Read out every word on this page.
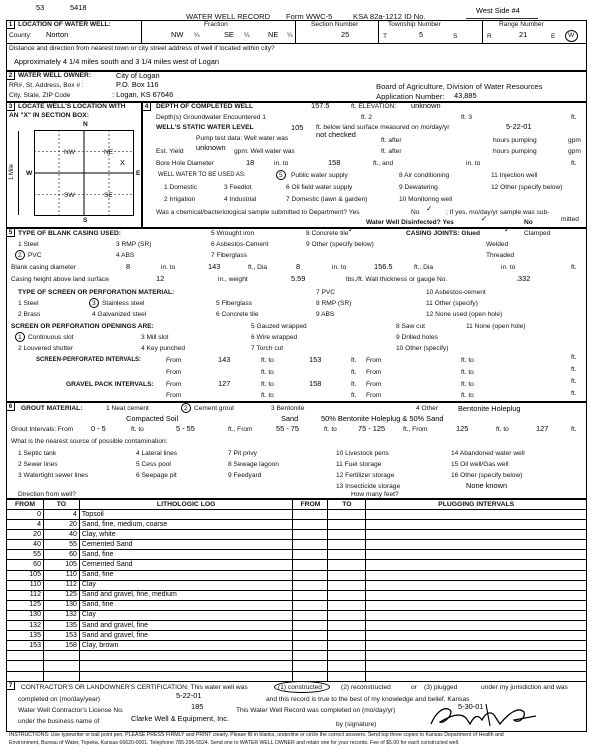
53	5418
WATER WELL RECORD Form WWC-5	KSA 82a-1212 ID No.
West Side #4
1 LOCATION OF WATER WELL:
County: Norton
Fraction
NW ¼	SE ¼	NE ¼
Section Number
25
Township Number
T	5	S
Range Number
R	21	E W
Distance and direction from nearest town or city street address of well if located within city?
Approximately 4 1/4 miles south and 3 1/4 miles west of Logan
2 WATER WELL OWNER:	City of Logan
RR#, St. Address, Box # :	P.O. Box 116
City, State, ZIP Code	: Logan, KS 67646
Board of Agriculture, Division of Water Resources
Application Number: 43,885
3 LOCATE WELL'S LOCATION WITH
AN "X" IN SECTION BOX:
N
S
W	E
1 Mile
NW	NE
SW	SE
X
4	DEPTH OF COMPLETED WELL	157.5	ft. ELEVATION: unknown
Depth(s) Groundwater Encountered 1	ft. 2	ft. 3	ft.
WELL'S STATIC WATER LEVEL	105 ft. below land surface measured on mo/day/yr	5-22-01
Pump test data: Well water was	not checked
ft. after	hours pumping	gpm
Est. Yield unknown gpm: Well water was	ft. after	hours pumping	gpm
Bore Hole Diameter	18	in. to	158	ft., and	in. to	ft.
WELL WATER TO BE USED AS:	5 Public water supply	8 Air conditioning	11 Injection well
1 Domestic	3 Feedlot	6 Oil field water supply	9 Dewatering	12 Other (specify below)
2 Irrigation	4 Industrial	7 Domestic (lawn & garden)	10 Monitoring well
Was a chemical/bacteriological sample submitted to Department? Yes	No ✓ ; If yes, mo/day/yr sample was sub-
mitted
Water Well Disinfected? Yes	✓	No
5 TYPE OF BLANK CASING USED:	5 Wrought iron	8 Concrete tile ✓	CASING JOINTS: Glued	✓ Clamped
1 Steel	3 RMP (SR)	6 Asbestos-Cement	9 Other (specify below)	Welded
2 PVC	4 ABS	7 Fiberglass	Threaded
Blank casing diameter	8	in. to	143	ft., Dia	8	in. to	156.5	ft., Dia	in. to	ft.
Casing height above land surface	12	in., weight	5.59	lbs./ft. Wall thickness or gauge No.	.332
TYPE OF SCREEN OR PERFORATION MATERIAL:	7 PVC	10 Asbestos-cement
1 Steel	3 Stainless steel	5 Fiberglass	8 RMP (SR)	11 Other (specify)
2 Brass	4 Galvanized steel	6 Concrete tile	9 ABS	12 None used (open hole)
SCREEN OR PERFORATION OPENINGS ARE:	5 Gauzed wrapped	8 Saw cut	11 None (open hole)
1 Continuous slot	3 Mill slot	6 Wire wrapped	9 Drilled holes
2 Louvered shutter	4 Key punched	7 Torch cut	10 Other (specify)
SCREEN-PERFORATED INTERVALS:	From	143	ft. to	153	ft. From	ft. to	ft.
From	ft. to	ft. From	ft. to	ft.
GRAVEL PACK INTERVALS: From	127	ft. to	158	ft. From	ft. to	ft.
From	ft. to	ft. From	ft. to	ft.
6	GROUT MATERIAL:	1 Neat cement	2 Cement grout	3 Bentonite	4 Other	Bentonite Holeplug
Compacted Soil	Sand	50% Bentonite Holeplug & 50% Sand
Grout Intervals: From 0 - 5	ft. to	5 - 55	ft., From	55 - 75	ft. to	75 - 125	ft., From	125	ft. to	127	ft.
What is the nearest source of possible contamination:
1 Septic tank	4 Lateral lines	7 Pit privy	10 Livestock pens	14 Abandoned water well
2 Sewer lines	5 Cess pool	8 Sewage lagoon	11 Fuel storage	15 Oil well/Gas well
3 Watertight sewer lines	6 Seepage pit	9 Feedyard	12 Fertilizer storage	16 Other (specify below)
13 Insecticide storage	None known
Direction from well?	How many feet?
FROM	TO	LITHOLOGIC LOG	FROM	TO	PLUGGING INTERVALS
0	4	Topsoil			
4	20	Sand, fine, medium, coarse			
20	40	Clay, white			
40	55	Cemented Sand			
55	60	Sand, fine			
60	105	Cemented Sand			
105	110	Sand, fine			
110	112	Clay			
112	125	Sand and gravel, fine, medium			
125	130	Sand, fine			
130	132	Clay			
132	135	Sand and gravel, fine			
135	153	Sand and gravel, fine			
153	158	Clay, brown			

7	CONTRACTOR'S OR LANDOWNER'S CERTIFICATION: This water well was	(1) constructed	(2) reconstructed	or (3) plugged	under my jurisdiction and was
completed on (mo/day/year)	5-22-01	and this record is true to the best of my knowledge and belief. Kansas
Water Well Contractor's License No.	185	This Water Well Record was completed on (mo/day/yr)	5-30-01
under the business name of	Clarke Well & Equipment, Inc.
by (signature)
INSTRUCTIONS: Use typewriter or ball point pen. PLEASE PRESS FIRMLY and PRINT clearly. Please fill in blanks, underline or circle the correct answers. Send top three copies to Kansas Department of Health and
Environment, Bureau of Water, Topeka, Kansas 66620-0001. Telephone 785-296-5524. Send one to WATER WELL OWNER and retain one for your records. Fee of $5.00 for each constructed well.
